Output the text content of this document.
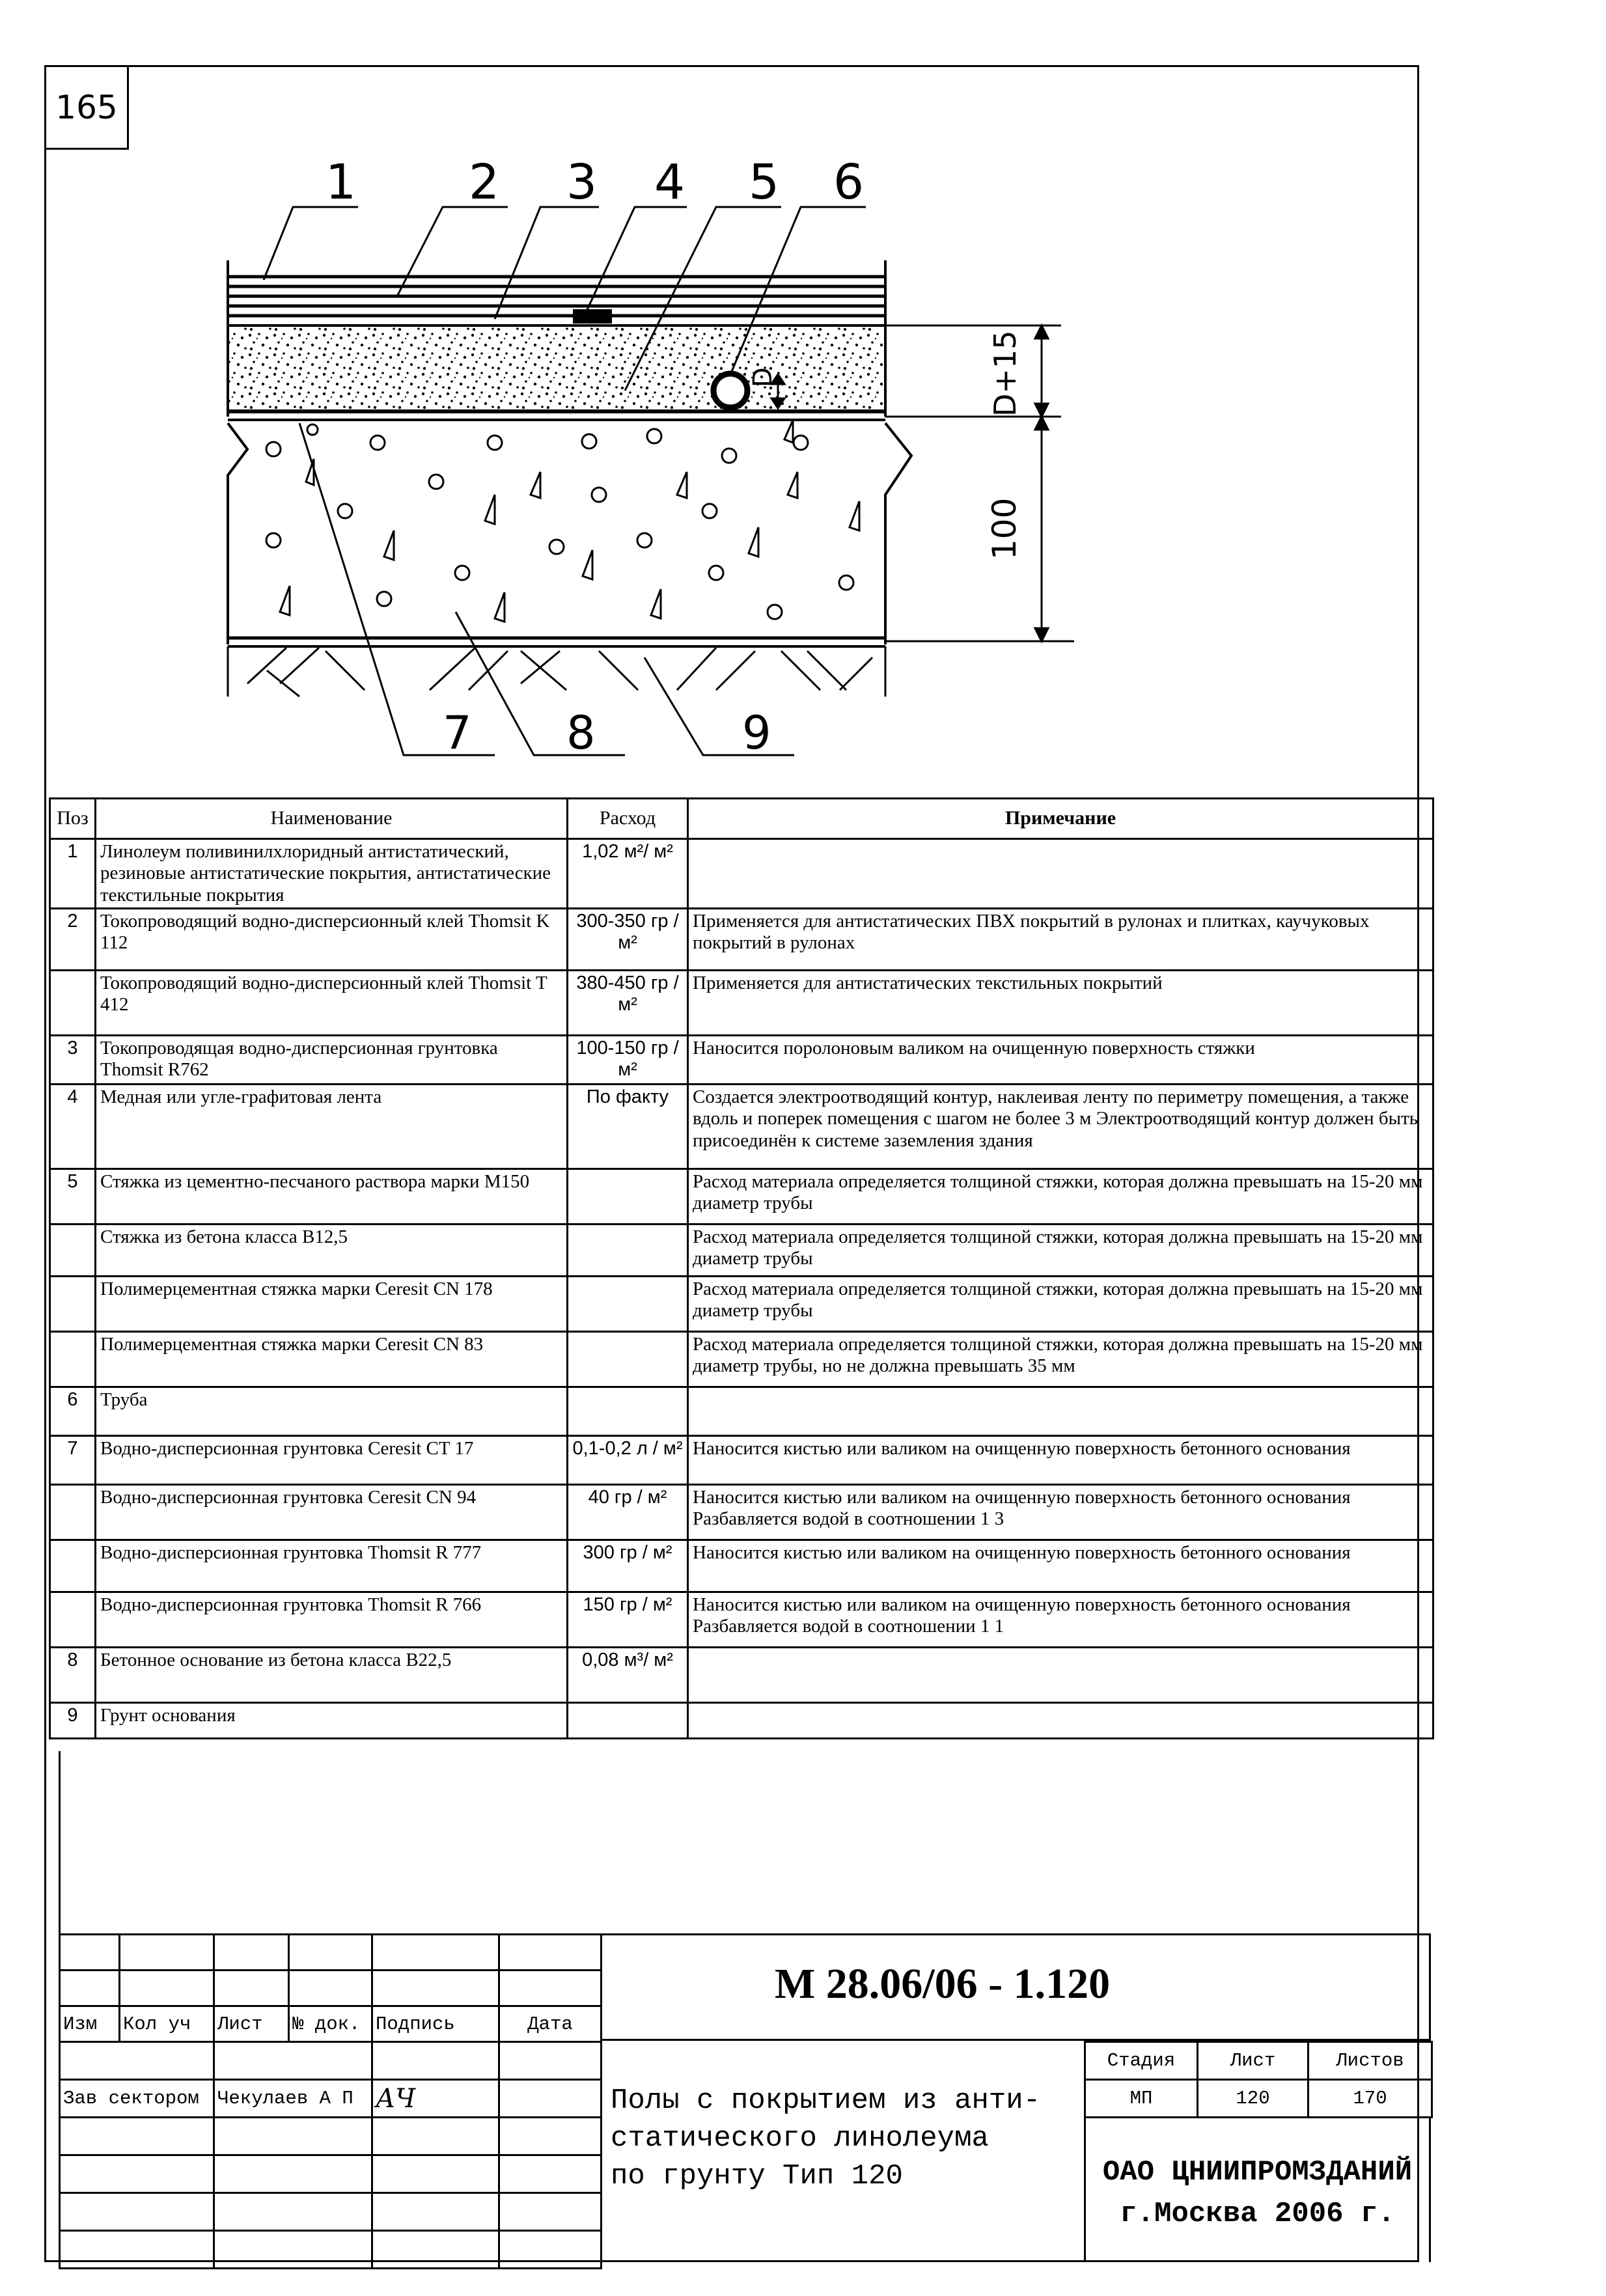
165
1 2 3 4 5 6
D	D+15
100
7 8	9
Поз	Наименование	Расход	Примечание
1	Линолеум поливинилхлоридный антистатический, резиновые антистатические покрытия, антистатические текстильные покрытия	1,02 м²/ м²	
2	Токопроводящий водно-дисперсионный клей Thomsit K 112	300-350 гр / м²	Применяется для антистатических ПВХ покрытий в рулонах и плитках, каучуковых покрытий в рулонах
	Токопроводящий водно-дисперсионный клей Thomsit T 412	380-450 гр / м²	Применяется для антистатических текстильных покрытий
3	Токопроводящая водно-дисперсионная грунтовка Thomsit R762	100-150 гр / м²	Наносится поролоновым валиком на очищенную поверхность стяжки
4	Медная или угле-графитовая лента	По факту	Создается электроотводящий контур, наклеивая ленту по периметру помещения, а также вдоль и поперек помещения с шагом не более 3 м Электроотводящий контур должен быть присоединён к системе заземления здания
5	Стяжка из цементно-песчаного раствора марки M150		Расход материала определяется толщиной стяжки, которая должна превышать на 15-20 мм диаметр трубы
	Стяжка из бетона класса B12,5		Расход материала определяется толщиной стяжки, которая должна превышать на 15-20 мм диаметр трубы
	Полимерцементная стяжка марки Ceresit CN 178		Расход материала определяется толщиной стяжки, которая должна превышать на 15-20 мм диаметр трубы
	Полимерцементная стяжка марки Ceresit CN 83		Расход материала определяется толщиной стяжки, которая должна превышать на 15-20 мм диаметр трубы, но не должна превышать 35 мм
6	Труба		
7	Водно-дисперсионная грунтовка Ceresit CT 17	0,1-0,2 л / м²	Наносится кистью или валиком на очищенную поверхность бетонного основания
	Водно-дисперсионная грунтовка Ceresit CN 94	40 гр / м²	Наносится кистью или валиком на очищенную поверхность бетонного основания Разбавляется водой в соотношении 1 3
	Водно-дисперсионная грунтовка Thomsit R 777	300 гр / м²	Наносится кистью или валиком на очищенную поверхность бетонного основания
	Водно-дисперсионная грунтовка Thomsit R 766	150 гр / м²	Наносится кистью или валиком на очищенную поверхность бетонного основания Разбавляется водой в соотношении 1 1
8	Бетонное основание из бетона класса B22,5	0,08 м³/ м²	
9	Грунт основания		

Изм	Кол уч	Лист	№ док.	Подпись	Дата

Зав сектором	Чекулаев А П	АЧ	

М 28.06/06 - 1.120
Полы с покрытием из анти-
статического линолеума
по грунту Тип 120
Стадия	Лист	Листов
МП	120	170
ОАО ЦНИИПРОМЗДАНИЙ
г.Москва 2006 г.
